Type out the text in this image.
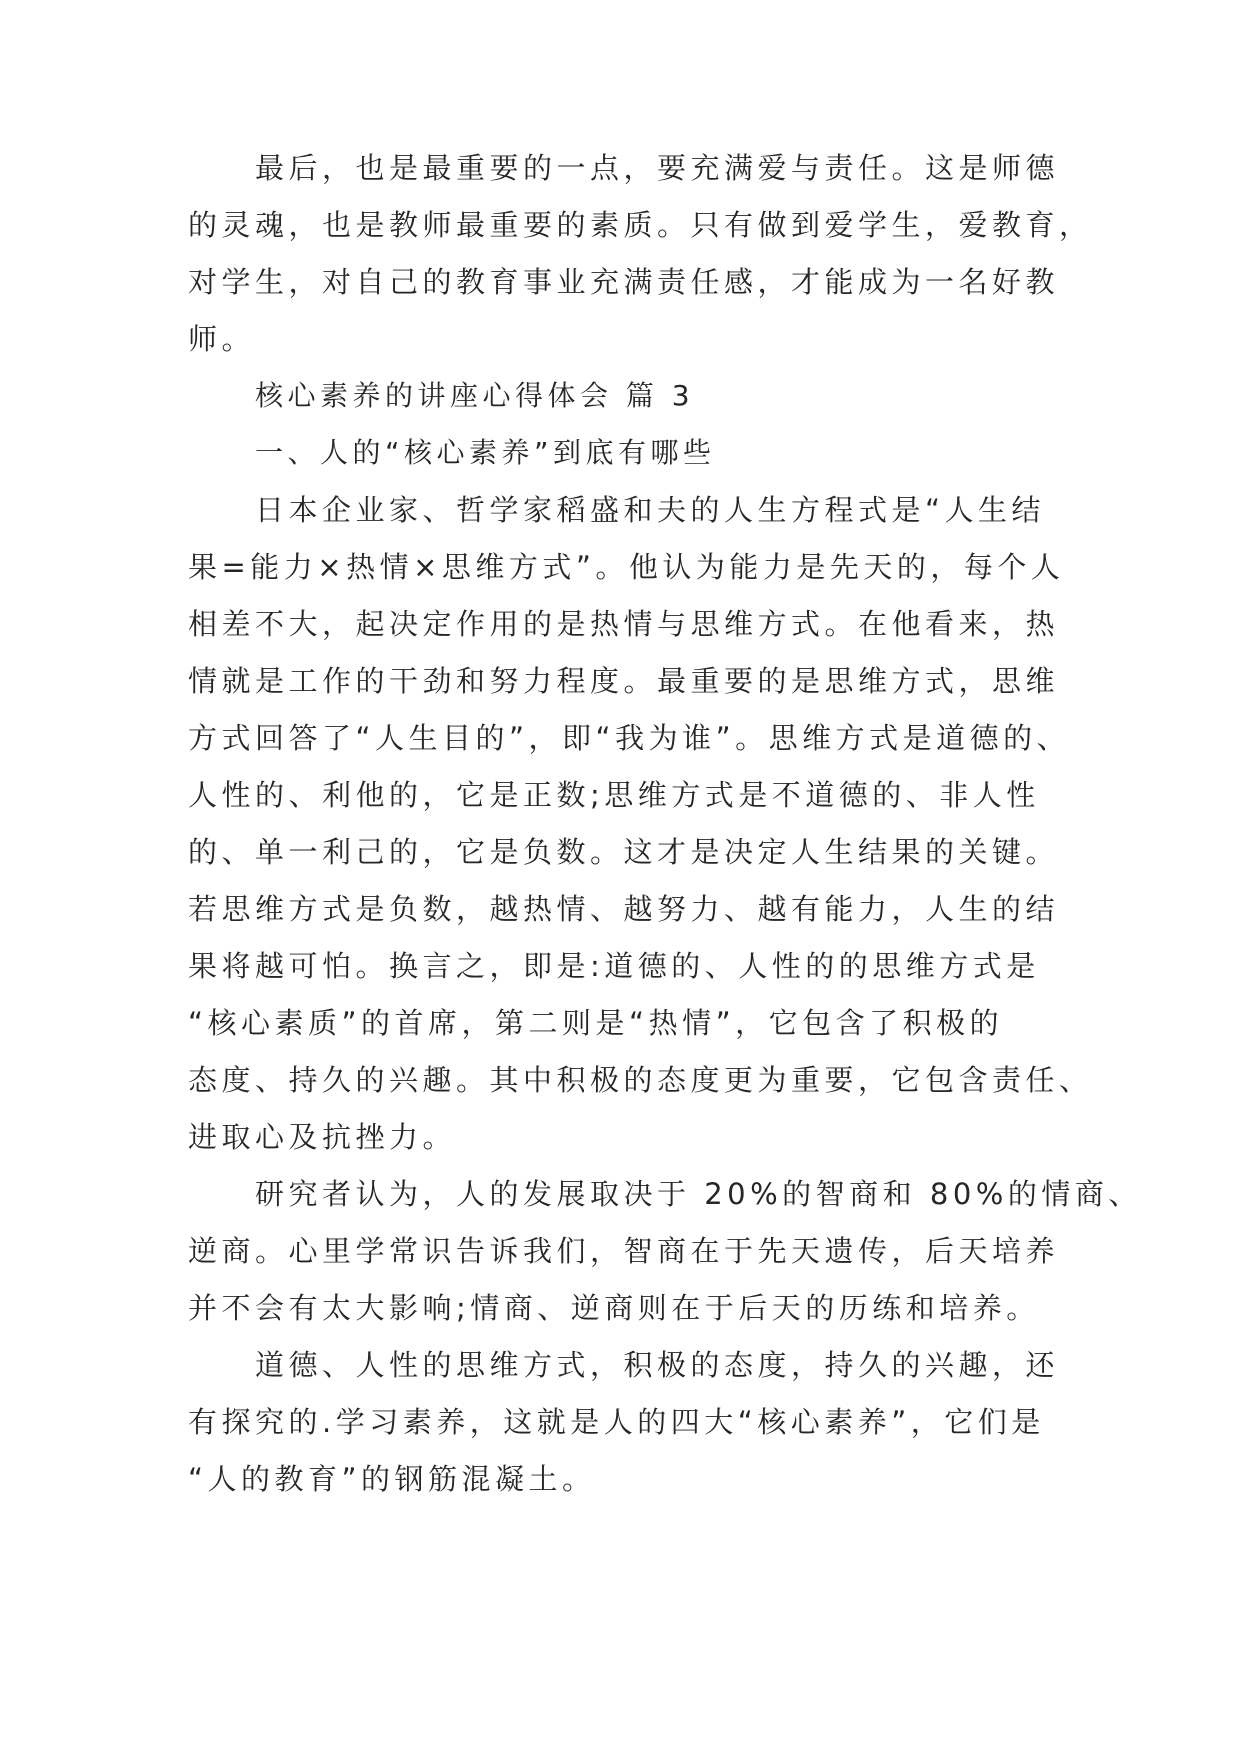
最后，也是最重要的一点，要充满爱与责任。这是师德

的灵魂，也是教师最重要的素质。只有做到爱学生，爱教育，

对学生，对自己的教育事业充满责任感，才能成为一名好教

师。

核心素养的讲座心得体会 篇 3

一、人的“核心素养”到底有哪些

日本企业家、哲学家稻盛和夫的人生方程式是“人生结

果=能力×热情×思维方式”。他认为能力是先天的，每个人

相差不大，起决定作用的是热情与思维方式。在他看来，热

情就是工作的干劲和努力程度。最重要的是思维方式，思维

方式回答了“人生目的”，即“我为谁”。思维方式是道德的、

人性的、利他的，它是正数;思维方式是不道德的、非人性

的、单一利己的，它是负数。这才是决定人生结果的关键。

若思维方式是负数，越热情、越努力、越有能力，人生的结

果将越可怕。换言之，即是:道德的、人性的的思维方式是

“核心素质”的首席，第二则是“热情”，它包含了积极的

态度、持久的兴趣。其中积极的态度更为重要，它包含责任、

进取心及抗挫力。

研究者认为，人的发展取决于 20%的智商和 80%的情商、

逆商。心里学常识告诉我们，智商在于先天遗传，后天培养

并不会有太大影响;情商、逆商则在于后天的历练和培养。

道德、人性的思维方式，积极的态度，持久的兴趣，还

有探究的.学习素养，这就是人的四大“核心素养”，它们是

“人的教育”的钢筋混凝土。
